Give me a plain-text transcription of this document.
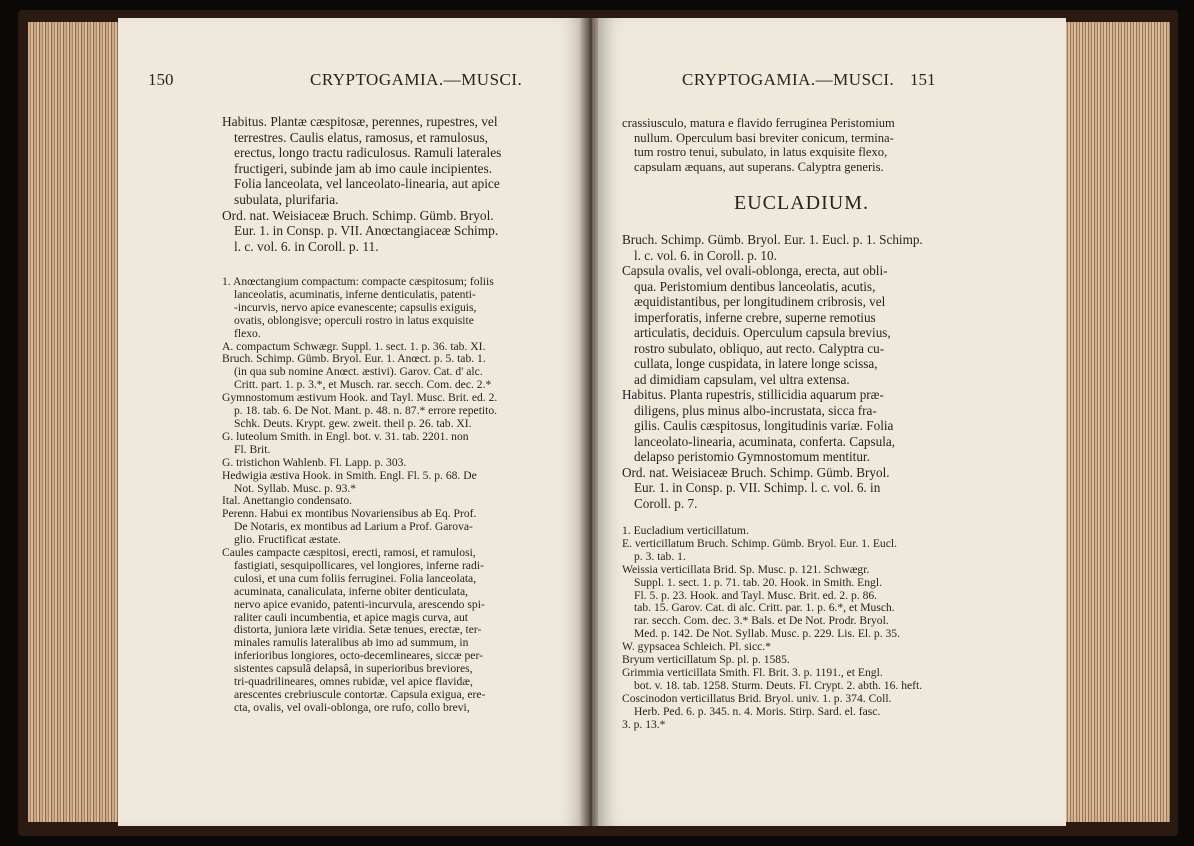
150	CRYPTOGAMIA.—MUSCI.
Habitus. Plantæ cæspitosæ, perennes, rupestres, vel
terrestres. Caulis elatus, ramosus, et ramulosus,
erectus, longo tractu radiculosus. Ramuli laterales
fructigeri, subinde jam ab imo caule incipientes.
Folia lanceolata, vel lanceolato-linearia, aut apice
subulata, plurifaria.
Ord. nat. Weisiaceæ Bruch. Schimp. Gümb. Bryol.
Eur. 1. in Consp. p. VII. Anœctangiaceæ Schimp.
l. c. vol. 6. in Coroll. p. 11.
1. Anœctangium compactum: compacte cæspitosum; foliis
lanceolatis, acuminatis, inferne denticulatis, patenti-
-incurvis, nervo apice evanescente; capsulis exiguis,
ovatis, oblongisve; operculi rostro in latus exquisite
flexo.
A. compactum Schwægr. Suppl. 1. sect. 1. p. 36. tab. XI.
Bruch. Schimp. Gümb. Bryol. Eur. 1. Anœct. p. 5. tab. 1.
(in qua sub nomine Anœct. æstivi). Garov. Cat. d' alc.
Critt. part. 1. p. 3.*, et Musch. rar. secch. Com. dec. 2.*
Gymnostomum æstivum Hook. and Tayl. Musc. Brit. ed. 2.
p. 18. tab. 6. De Not. Mant. p. 48. n. 87.* errore repetito.
Schk. Deuts. Krypt. gew. zweit. theil p. 26. tab. XI.
G. luteolum Smith. in Engl. bot. v. 31. tab. 2201. non
Fl. Brit.
G. tristichon Wahlenb. Fl. Lapp. p. 303.
Hedwigia æstiva Hook. in Smith. Engl. Fl. 5. p. 68. De
Not. Syllab. Musc. p. 93.*
Ital. Anettangio condensato.
Perenn. Habui ex montibus Novariensibus ab Eq. Prof.
De Notaris, ex montibus ad Larium a Prof. Garova-
glio. Fructificat æstate.
Caules campacte cæspitosi, erecti, ramosi, et ramulosi,
fastigiati, sesquipollicares, vel longiores, inferne radi-
culosi, et una cum foliis ferruginei. Folia lanceolata,
acuminata, canaliculata, inferne obiter denticulata,
nervo apice evanido, patenti-incurvula, arescendo spi-
raliter cauli incumbentia, et apice magis curva, aut
distorta, juniora læte viridia. Setæ tenues, erectæ, ter-
minales ramulis lateralibus ab imo ad summum, in
inferioribus longiores, octo-decemlineares, siccæ per-
sistentes capsulâ delapsâ, in superioribus breviores,
tri-quadrilineares, omnes rubidæ, vel apice flavidæ,
arescentes crebriuscule contortæ. Capsula exigua, ere-
cta, ovalis, vel ovali-oblonga, ore rufo, collo brevi,
CRYPTOGAMIA.—MUSCI. 151
crassiusculo, matura e flavido ferruginea Peristomium
nullum. Operculum basi breviter conicum, termina-
tum rostro tenui, subulato, in latus exquisite flexo,
capsulam æquans, aut superans. Calyptra generis.
EUCLADIUM.
Bruch. Schimp. Gümb. Bryol. Eur. 1. Eucl. p. 1. Schimp.
l. c. vol. 6. in Coroll. p. 10.
Capsula ovalis, vel ovali-oblonga, erecta, aut obli-
qua. Peristomium dentibus lanceolatis, acutis,
æquidistantibus, per longitudinem cribrosis, vel
imperforatis, inferne crebre, superne remotius
articulatis, deciduis. Operculum capsula brevius,
rostro subulato, obliquo, aut recto. Calyptra cu-
cullata, longe cuspidata, in latere longe scissa,
ad dimidiam capsulam, vel ultra extensa.
Habitus. Planta rupestris, stillicidia aquarum præ-
diligens, plus minus albo-incrustata, sicca fra-
gilis. Caulis cæspitosus, longitudinis variæ. Folia
lanceolato-linearia, acuminata, conferta. Capsula,
delapso peristomio Gymnostomum mentitur.
Ord. nat. Weisiaceæ Bruch. Schimp. Gümb. Bryol.
Eur. 1. in Consp. p. VII. Schimp. l. c. vol. 6. in
Coroll. p. 7.
1. Eucladium verticillatum.
E. verticillatum Bruch. Schimp. Gümb. Bryol. Eur. 1. Eucl.
p. 3. tab. 1.
Weissia verticillata Brid. Sp. Musc. p. 121. Schwægr.
Suppl. 1. sect. 1. p. 71. tab. 20. Hook. in Smith. Engl.
Fl. 5. p. 23. Hook. and Tayl. Musc. Brit. ed. 2. p. 86.
tab. 15. Garov. Cat. di alc. Critt. par. 1. p. 6.*, et Musch.
rar. secch. Com. dec. 3.* Bals. et De Not. Prodr. Bryol.
Med. p. 142. De Not. Syllab. Musc. p. 229. Lis. El. p. 35.
W. gypsacea Schleich. Pl. sicc.*
Bryum verticillatum Sp. pl. p. 1585.
Grimmia verticillata Smith. Fl. Brit. 3. p. 1191., et Engl.
bot. v. 18. tab. 1258. Sturm. Deuts. Fl. Crypt. 2. abth. 16. heft.
Coscinodon verticillatus Brid. Bryol. univ. 1. p. 374. Coll.
Herb. Ped. 6. p. 345. n. 4. Moris. Stirp. Sard. el. fasc.
3. p. 13.*
